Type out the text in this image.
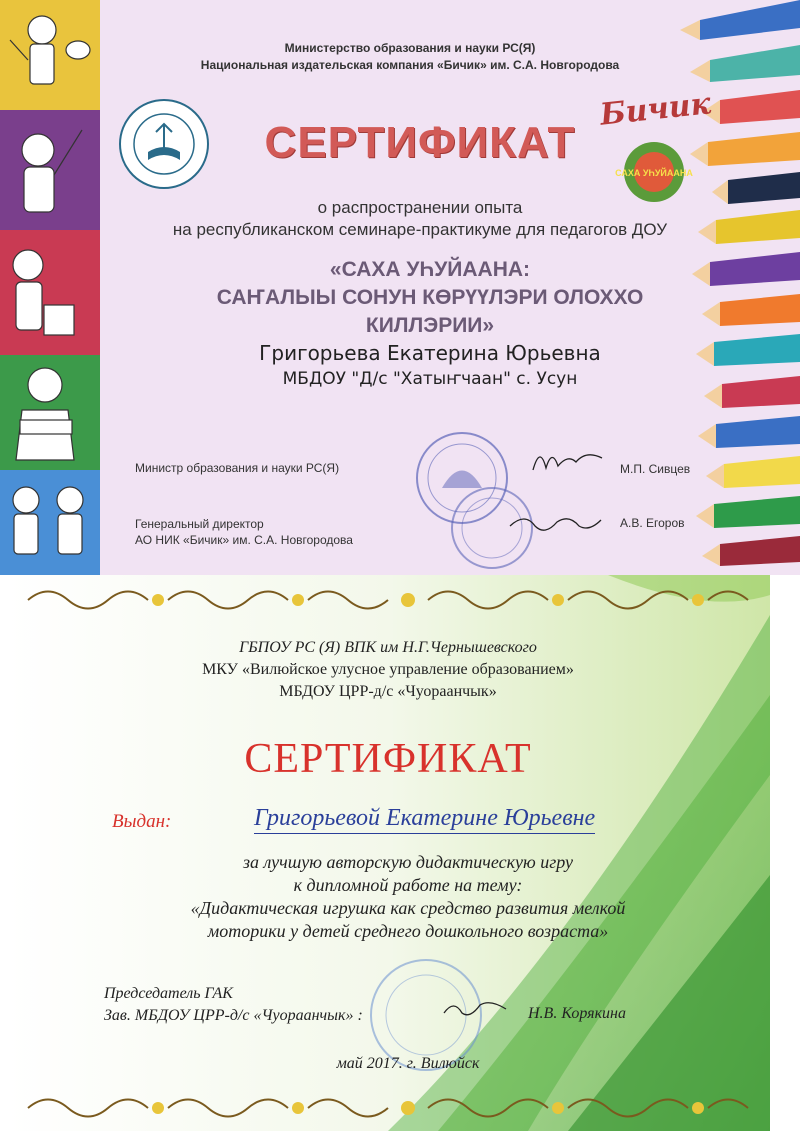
Министерство образования и науки РС(Я)
Национальная издательская компания «Бичик» им. С.А. Новгородова
Бичик
САХА УҺУЙААНА
СЕРТИФИКАТ
о распространении опыта
на республиканском семинаре-практикуме для педагогов ДОУ
«САХА УҺУЙААНА:
САҤАЛЫЫ СОНУН КӨРҮҮЛЭРИ ОЛОХХО КИЛЛЭРИИ»
Григорьева Екатерина Юрьевна
МБДОУ "Д/с "Хатыҥчаан" с. Усун
Министр образования и науки РС(Я)	М.П. Сивцев
Генеральный директор
АО НИК «Бичик» им. С.А. Новгородова
А.В. Егоров
ГБПОУ РС (Я) ВПК им Н.Г.Чернышевского
МКУ «Вилюйское улусное управление образованием»
МБДОУ ЦРР-д/с «Чуораанчык»
СЕРТИФИКАТ
Выдан:	Григорьевой Екатерине Юрьевне
за лучшую авторскую дидактическую игру
к дипломной работе на тему:
«Дидактическая игрушка как средство развития мелкой
моторики у детей среднего дошкольного возраста»
Председатель ГАК
Зав. МБДОУ ЦРР-д/с «Чуораанчык» :	Н.В. Корякина
май 2017. г. Вилюйск
